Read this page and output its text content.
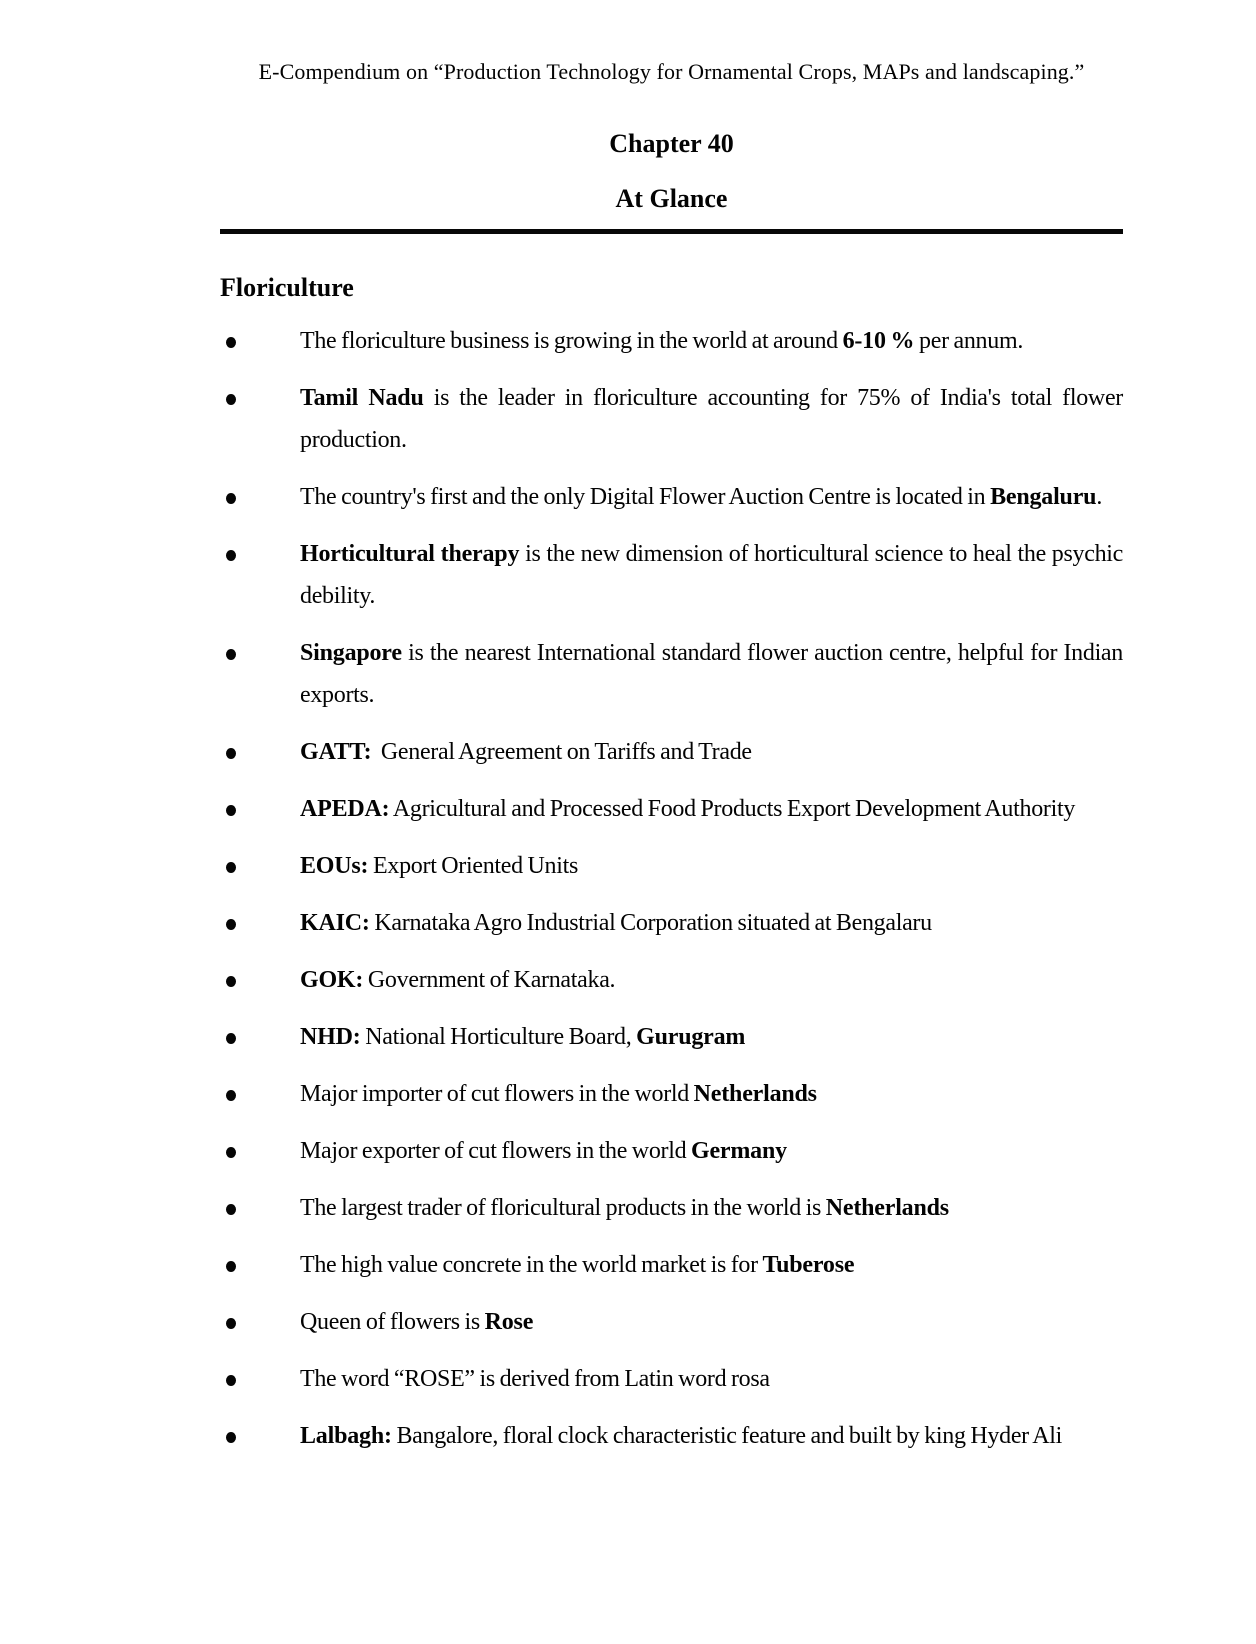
E-Compendium on “Production Technology for Ornamental Crops, MAPs and landscaping.”
Chapter 40
At Glance
Floriculture
The floriculture business is growing in the world at around 6-10 % per annum.
Tamil Nadu is the leader in floriculture accounting for 75% of India's total flower production.
The country's first and the only Digital Flower Auction Centre is located in Bengaluru.
Horticultural therapy is the new dimension of horticultural science to heal the psychic debility.
Singapore is the nearest International standard flower auction centre, helpful for Indian exports.
GATT:  General Agreement on Tariffs and Trade
APEDA: Agricultural and Processed Food Products Export Development Authority
EOUs: Export Oriented Units
KAIC: Karnataka Agro Industrial Corporation situated at Bengalaru
GOK: Government of Karnataka.
NHD: National Horticulture Board, Gurugram
Major importer of cut flowers in the world Netherlands
Major exporter of cut flowers in the world Germany
The largest trader of floricultural products in the world is Netherlands
The high value concrete in the world market is for Tuberose
Queen of flowers is Rose
The word “ROSE” is derived from Latin word rosa
Lalbagh: Bangalore, floral clock characteristic feature and built by king Hyder Ali
